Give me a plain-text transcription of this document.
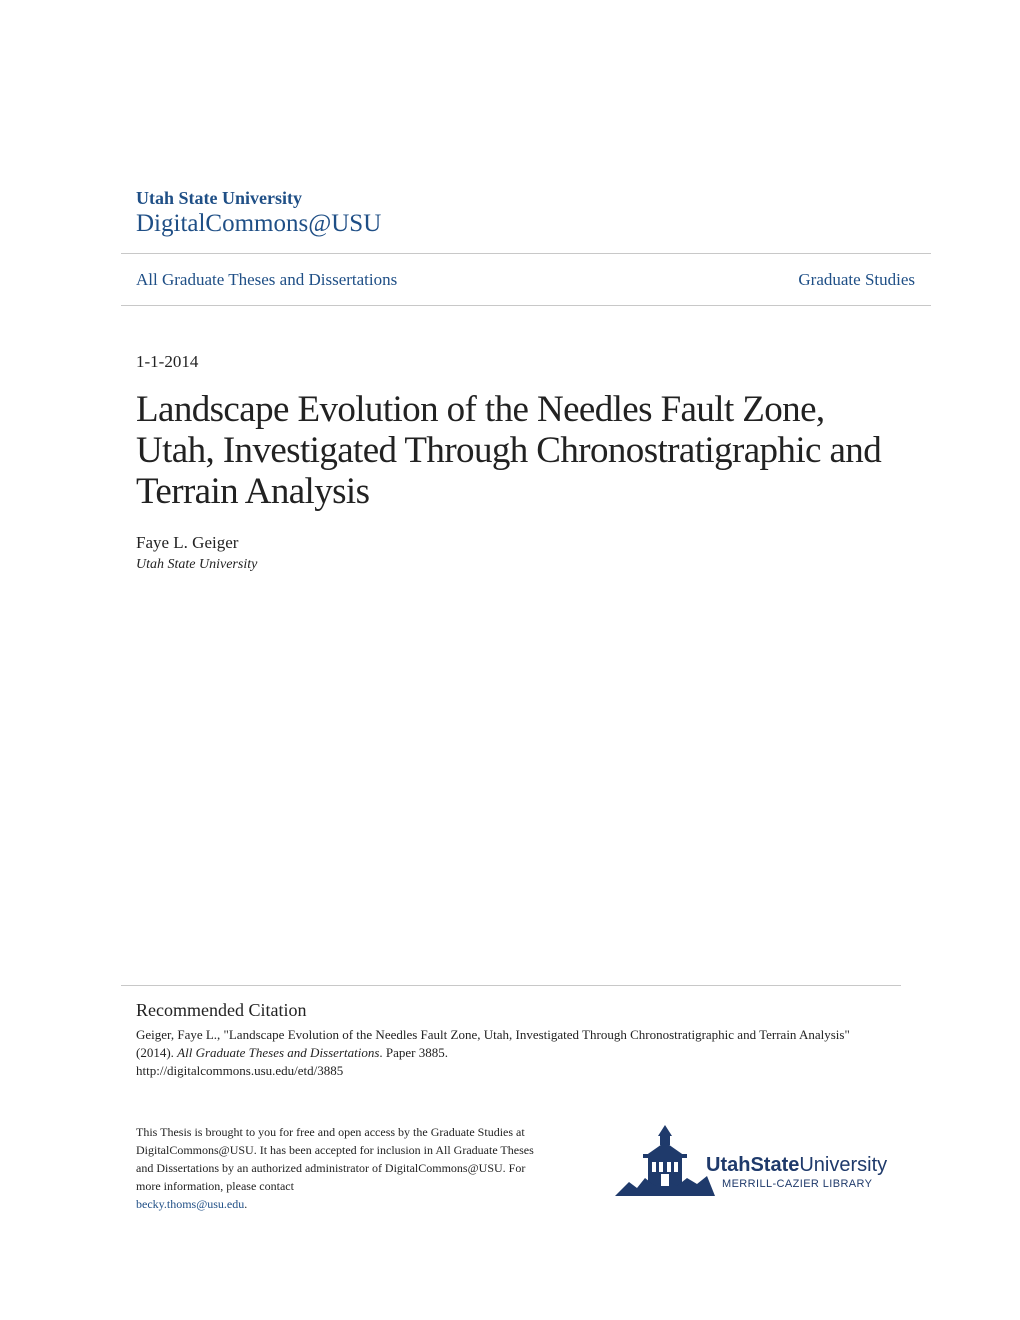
Utah State University
DigitalCommons@USU
All Graduate Theses and Dissertations	Graduate Studies
1-1-2014
Landscape Evolution of the Needles Fault Zone, Utah, Investigated Through Chronostratigraphic and Terrain Analysis
Faye L. Geiger
Utah State University
Recommended Citation
Geiger, Faye L., "Landscape Evolution of the Needles Fault Zone, Utah, Investigated Through Chronostratigraphic and Terrain Analysis" (2014). All Graduate Theses and Dissertations. Paper 3885.
http://digitalcommons.usu.edu/etd/3885
This Thesis is brought to you for free and open access by the Graduate Studies at DigitalCommons@USU. It has been accepted for inclusion in All Graduate Theses and Dissertations by an authorized administrator of DigitalCommons@USU. For more information, please contact
becky.thoms@usu.edu.
UtahStateUniversity
MERRILL-CAZIER LIBRARY
